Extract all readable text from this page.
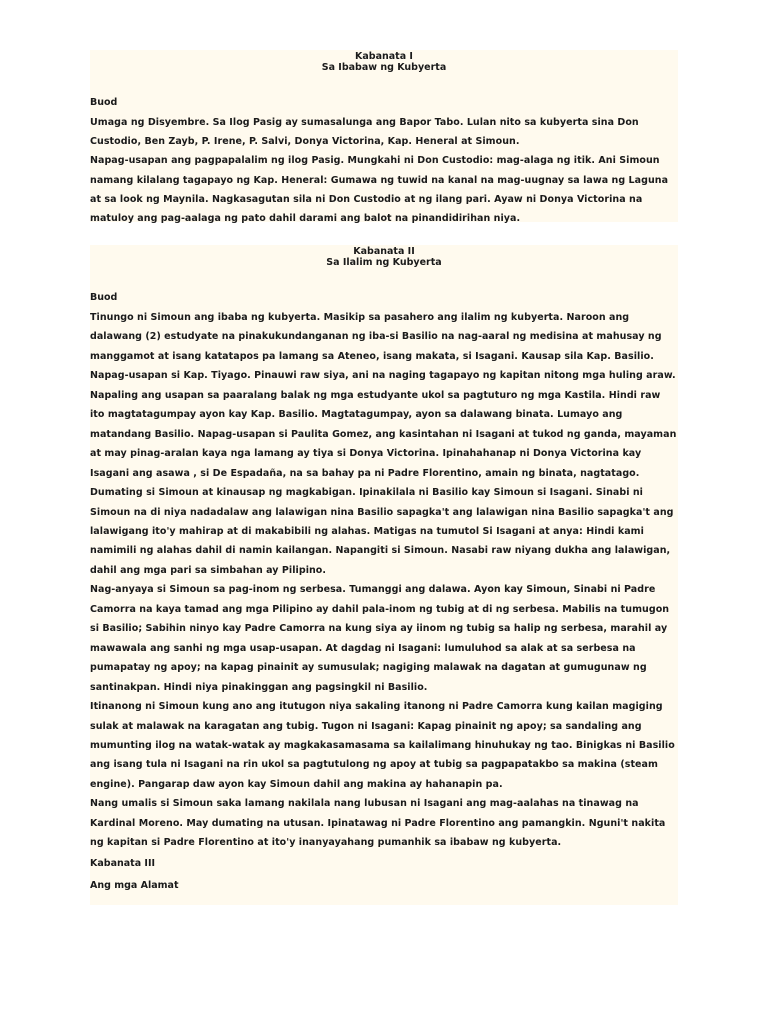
Kabanata I
Sa Ibabaw ng Kubyerta
Buod
Umaga ng Disyembre. Sa Ilog Pasig ay sumasalunga ang Bapor Tabo. Lulan nito sa kubyerta sina Don Custodio, Ben Zayb, P. Irene, P. Salvi, Donya Victorina, Kap. Heneral at Simoun.
Napag-usapan ang pagpapalalim ng ilog Pasig. Mungkahi ni Don Custodio: mag-alaga ng itik. Ani Simoun namang kilalang tagapayo ng Kap. Heneral: Gumawa ng tuwid na kanal na mag-uugnay sa lawa ng Laguna at sa look ng Maynila. Nagkasagutan sila ni Don Custodio at ng ilang pari. Ayaw ni Donya Victorina na matuloy ang pag-aalaga ng pato dahil darami ang balot na pinandidirihan niya.
Kabanata II
Sa Ilalim ng Kubyerta
Buod
Tinungo ni Simoun ang ibaba ng kubyerta. Masikip sa pasahero ang ilalim ng kubyerta. Naroon ang dalawang (2) estudyate na pinakukundanganan ng iba-si Basilio na nag-aaral ng medisina at mahusay ng manggamot at isang katatapos pa lamang sa Ateneo, isang makata, si Isagani. Kausap sila Kap. Basilio. Napag-usapan si Kap. Tiyago. Pinauwi raw siya, ani na naging tagapayo ng kapitan nitong mga huling araw. Napaling ang usapan sa paaralang balak ng mga estudyante ukol sa pagtuturo ng mga Kastila. Hindi raw ito magtatagumpay ayon kay Kap. Basilio. Magtatagumpay, ayon sa dalawang binata. Lumayo ang matandang Basilio. Napag-usapan si Paulita Gomez, ang kasintahan ni Isagani at tukod ng ganda, mayaman at may pinag-aralan kaya nga lamang ay tiya si Donya Victorina. Ipinahahanap ni Donya Victorina kay Isagani ang asawa , si De Espadaña, na sa bahay pa ni Padre Florentino, amain ng binata, nagtatago.
Dumating si Simoun at kinausap ng magkabigan. Ipinakilala ni Basilio kay Simoun si Isagani. Sinabi ni Simoun na di niya nadadalaw ang lalawigan nina Basilio sapagka't ang lalawigan nina Basilio sapagka't ang lalawigang ito'y mahirap at di makabibili ng alahas. Matigas na tumutol Si Isagani at anya: Hindi kami namimili ng alahas dahil di namin kailangan. Napangiti si Simoun. Nasabi raw niyang dukha ang lalawigan, dahil ang mga pari sa simbahan ay Pilipino.
Nag-anyaya si Simoun sa pag-inom ng serbesa. Tumanggi ang dalawa. Ayon kay Simoun, Sinabi ni Padre Camorra na kaya tamad ang mga Pilipino ay dahil pala-inom ng tubig at di ng serbesa. Mabilis na tumugon si Basilio; Sabihin ninyo kay Padre Camorra na kung siya ay iinom ng tubig sa halip ng serbesa, marahil ay mawawala ang sanhi ng mga usap-usapan. At dagdag ni Isagani: lumuluhod sa alak at sa serbesa na pumapatay ng apoy; na kapag pinainit ay sumusulak; nagiging malawak na dagatan at gumugunaw ng santinakpan. Hindi niya pinakinggan ang pagsingkil ni Basilio.
Itinanong ni Simoun kung ano ang itutugon niya sakaling itanong ni Padre Camorra kung kailan magiging sulak at malawak na karagatan ang tubig. Tugon ni Isagani: Kapag pinainit ng apoy; sa sandaling ang mumunting ilog na watak-watak ay magkakasamasama sa kailalimang hinuhukay ng tao. Binigkas ni Basilio ang isang tula ni Isagani na rin ukol sa pagtutulong ng apoy at tubig sa pagpapatakbo sa makina (steam engine). Pangarap daw ayon kay Simoun dahil ang makina ay hahanapin pa.
Nang umalis si Simoun saka lamang nakilala nang lubusan ni Isagani ang mag-aalahas na tinawag na Kardinal Moreno. May dumating na utusan. Ipinatawag ni Padre Florentino ang pamangkin. Nguni't nakita ng kapitan si Padre Florentino at ito'y inanyayahang pumanhik sa ibabaw ng kubyerta.
Kabanata III
Ang mga Alamat
